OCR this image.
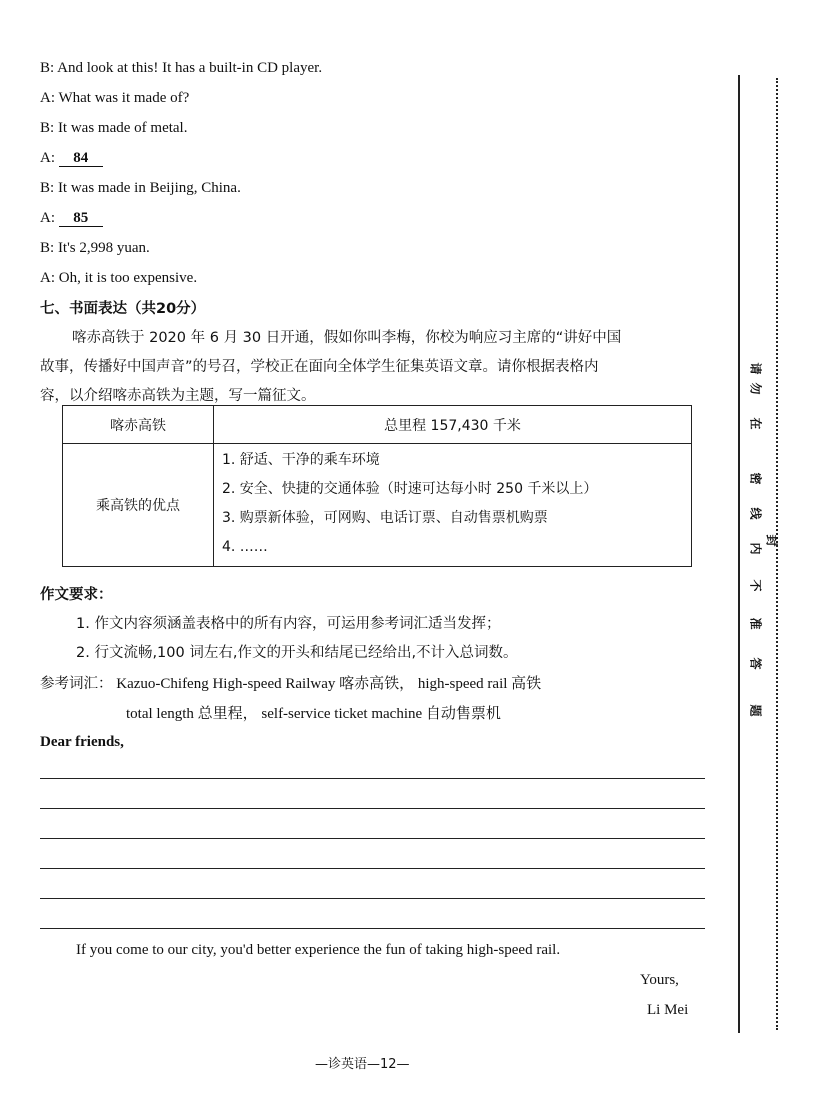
B: And look at this! It has a built-in CD player.
A: What was it made of?
B: It was made of metal.
A: 84
B: It was made in Beijing, China.
A: 85
B: It's 2,998 yuan.
A: Oh, it is too expensive.
七、书面表达（共20分）
喀赤高铁于 2020 年 6 月 30 日开通，假如你叫李梅，你校为响应习主席的“讲好中国
故事，传播好中国声音”的号召，学校正在面向全体学生征集英语文章。请你根据表格内
容，以介绍喀赤高铁为主题，写一篇征文。
喀赤高铁	总里程 157,430 千米
乘高铁的优点	1. 舒适、干净的乘车环境
2. 安全、快捷的交通体验（时速可达每小时 250 千米以上）
3. 购票新体验，可网购、电话订票、自动售票机购票
4. ……
作文要求：
1. 作文内容须涵盖表格中的所有内容，可运用参考词汇适当发挥；
2. 行文流畅,100 词左右,作文的开头和结尾已经给出,不计入总词数。
参考词汇： Kazuo-Chifeng High-speed Railway 喀赤高铁， high-speed rail 高铁
total length 总里程， self-service ticket machine 自动售票机
Dear friends,
If you come to our city, you'd better experience the fun of taking high-speed rail.
Yours,
Li Mei
—诊英语—12—
请
勿
在
密
封
线
内
不
准
答
题
